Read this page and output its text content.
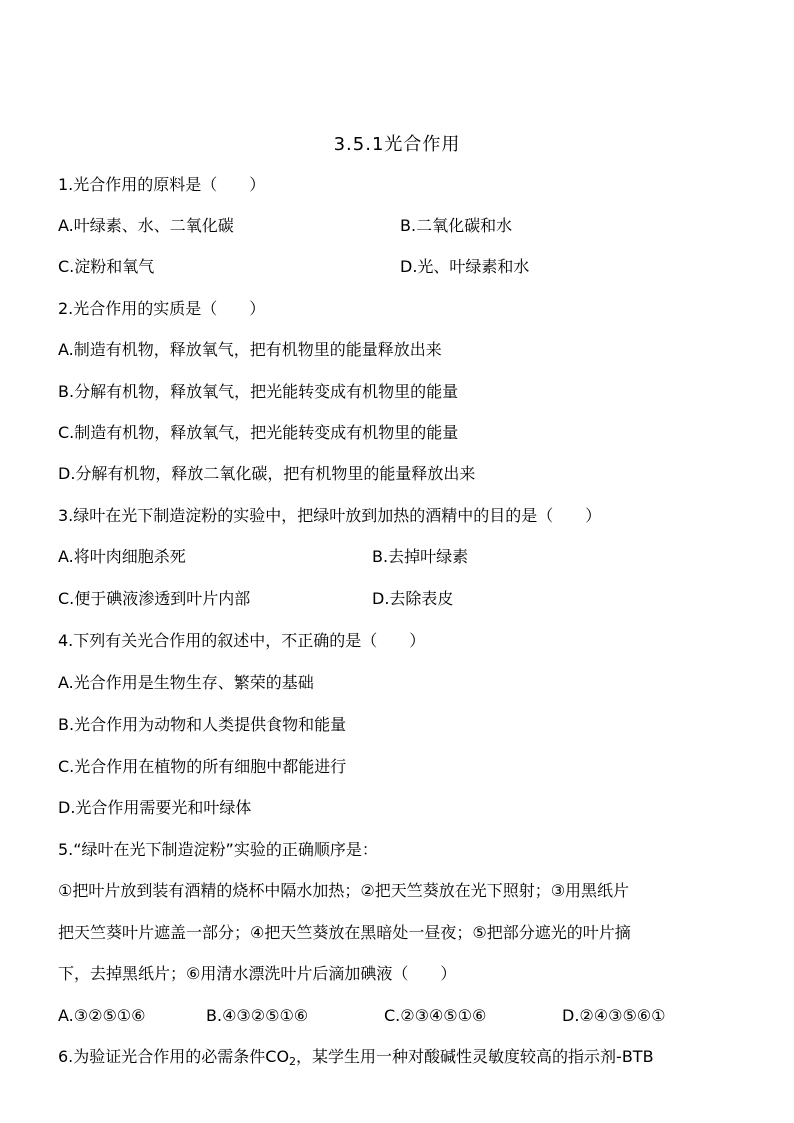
3.5.1光合作用
1.光合作用的原料是（　　）
A.叶绿素、水、二氧化碳	B.二氧化碳和水
C.淀粉和氧气	D.光、叶绿素和水
2.光合作用的实质是（　　）
A.制造有机物，释放氧气，把有机物里的能量释放出来
B.分解有机物，释放氧气，把光能转变成有机物里的能量
C.制造有机物，释放氧气，把光能转变成有机物里的能量
D.分解有机物，释放二氧化碳，把有机物里的能量释放出来
3.绿叶在光下制造淀粉的实验中，把绿叶放到加热的酒精中的目的是（　　）
A.将叶肉细胞杀死	B.去掉叶绿素
C.便于碘液渗透到叶片内部	D.去除表皮
4.下列有关光合作用的叙述中，不正确的是（　　）
A.光合作用是生物生存、繁荣的基础
B.光合作用为动物和人类提供食物和能量
C.光合作用在植物的所有细胞中都能进行
D.光合作用需要光和叶绿体
5.“绿叶在光下制造淀粉”实验的正确顺序是：
①把叶片放到装有酒精的烧杯中隔水加热；②把天竺葵放在光下照射；③用黑纸片
把天竺葵叶片遮盖一部分；④把天竺葵放在黑暗处一昼夜；⑤把部分遮光的叶片摘
下，去掉黑纸片；⑥用清水漂洗叶片后滴加碘液（　　）
A.③②⑤①⑥	B.④③②⑤①⑥	C.②③④⑤①⑥	D.②④③⑤⑥①
6.为验证光合作用的必需条件$CO_2$，某学生用一种对酸碱性灵敏度较高的指示剂-BTB
